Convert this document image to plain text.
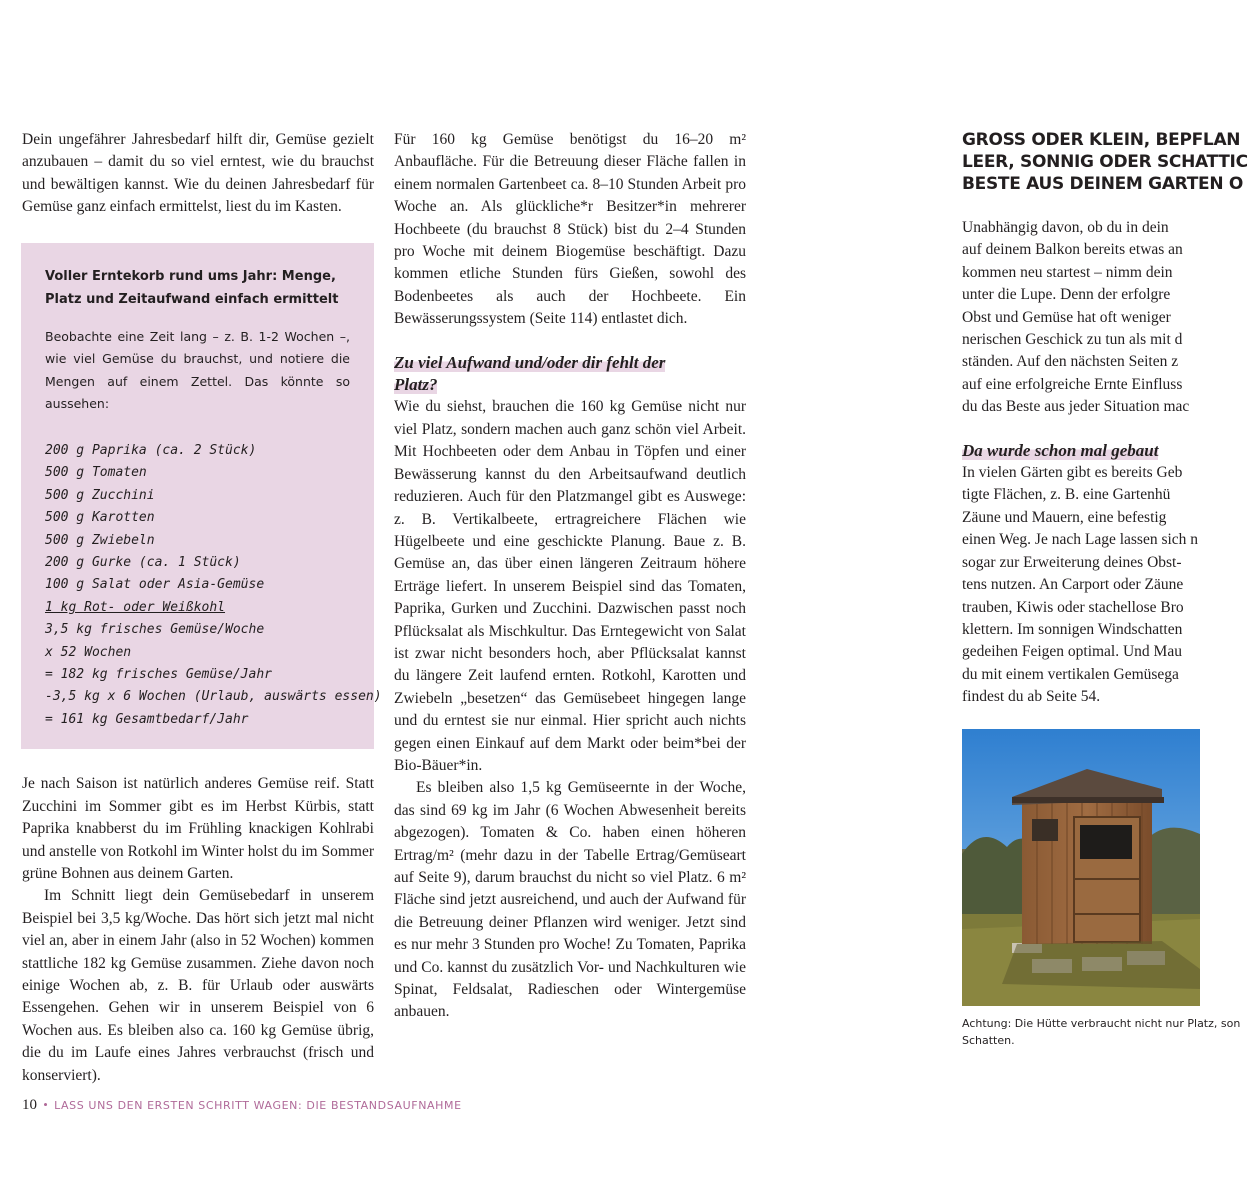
Dein ungefährer Jahresbedarf hilft dir, Gemüse gezielt anzubauen – damit du so viel erntest, wie du brauchst und bewältigen kannst. Wie du deinen Jahresbedarf für Gemüse ganz einfach ermittelst, liest du im Kasten.

Voller Erntekorb rund ums Jahr: Menge, Platz und Zeitaufwand einfach ermittelt

Beobachte eine Zeit lang – z. B. 1-2 Wochen –, wie viel Gemüse du brauchst, und notiere die Mengen auf einem Zettel. Das könnte so aussehen:

200 g Paprika (ca. 2 Stück)

500 g Tomaten

500 g Zucchini

500 g Karotten

500 g Zwiebeln

200 g Gurke (ca. 1 Stück)

100 g Salat oder Asia-Gemüse

1 kg Rot- oder Weißkohl

3,5 kg frisches Gemüse/Woche

x 52 Wochen

= 182 kg frisches Gemüse/Jahr

-3,5 kg x 6 Wochen (Urlaub, auswärts essen)

= 161 kg Gesamtbedarf/Jahr

Je nach Saison ist natürlich anderes Gemüse reif. Statt Zucchini im Sommer gibt es im Herbst Kürbis, statt Paprika knabberst du im Frühling knackigen Kohlrabi und anstelle von Rotkohl im Winter holst du im Sommer grüne Bohnen aus deinem Garten.

Im Schnitt liegt dein Gemüsebedarf in unserem Beispiel bei 3,5 kg/Woche. Das hört sich jetzt mal nicht viel an, aber in einem Jahr (also in 52 Wochen) kommen stattliche 182 kg Gemüse zusammen. Ziehe davon noch einige Wochen ab, z. B. für Urlaub oder auswärts Essengehen. Gehen wir in unserem Beispiel von 6 Wochen aus. Es bleiben also ca. 160 kg Gemüse übrig, die du im Laufe eines Jahres verbrauchst (frisch und konserviert).

Für 160 kg Gemüse benötigst du 16–20 m² Anbaufläche. Für die Betreuung dieser Fläche fallen in einem normalen Gartenbeet ca. 8–10 Stunden Arbeit pro Woche an. Als glückliche*r Besitzer*in mehrerer Hochbeete (du brauchst 8 Stück) bist du 2–4 Stunden pro Woche mit deinem Biogemüse beschäftigt. Dazu kommen etliche Stunden fürs Gießen, sowohl des Bodenbeetes als auch der Hochbeete. Ein Bewässerungssystem (Seite 114) entlastet dich.

Zu viel Aufwand und/oder dir fehlt der

Platz?

Wie du siehst, brauchen die 160 kg Gemüse nicht nur viel Platz, sondern machen auch ganz schön viel Arbeit. Mit Hochbeeten oder dem Anbau in Töpfen und einer Bewässerung kannst du den Arbeitsaufwand deutlich reduzieren. Auch für den Platzmangel gibt es Auswege: z. B. Vertikalbeete, ertragreichere Flächen wie Hügelbeete und eine geschickte Planung. Baue z. B. Gemüse an, das über einen längeren Zeitraum höhere Erträge liefert. In unserem Beispiel sind das Tomaten, Paprika, Gurken und Zucchini. Dazwischen passt noch Pflücksalat als Mischkultur. Das Erntegewicht von Salat ist zwar nicht besonders hoch, aber Pflücksalat kannst du längere Zeit laufend ernten. Rotkohl, Karotten und Zwiebeln „besetzen“ das Gemüsebeet hingegen lange und du erntest sie nur einmal. Hier spricht auch nichts gegen einen Einkauf auf dem Markt oder beim*bei der Bio-Bäuer*in.

Es bleiben also 1,5 kg Gemüseernte in der Woche, das sind 69 kg im Jahr (6 Wochen Abwesenheit bereits abgezogen). Tomaten & Co. haben einen höheren Ertrag/m² (mehr dazu in der Tabelle Ertrag/Gemüseart auf Seite 9), darum brauchst du nicht so viel Platz. 6 m² Fläche sind jetzt ausreichend, und auch der Aufwand für die Betreuung deiner Pflanzen wird weniger. Jetzt sind es nur mehr 3 Stunden pro Woche! Zu Tomaten, Paprika und Co. kannst du zusätzlich Vor- und Nachkulturen wie Spinat, Feldsalat, Radieschen oder Wintergemüse anbauen.

GROSS ODER KLEIN, BEPFLAN
LEER, SONNIG ODER SCHATTIC
BESTE AUS DEINEM GARTEN O
Unabhängig davon, ob du in dein
auf deinem Balkon bereits etwas an
kommen neu startest – nimm dein
unter die Lupe. Denn der erfolgre
Obst und Gemüse hat oft weniger
nerischen Geschick zu tun als mit d
ständen. Auf den nächsten Seiten z
auf eine erfolgreiche Ernte Einfluss
du das Beste aus jeder Situation mac

Da wurde schon mal gebaut

In vielen Gärten gibt es bereits Geb
tigte Flächen, z. B. eine Gartenhü
Zäune und Mauern, eine befestig
einen Weg. Je nach Lage lassen sich n
sogar zur Erweiterung deines Obst-
tens nutzen. An Carport oder Zäune
trauben, Kiwis oder stachellose Bro
klettern. Im sonnigen Windschatten
gedeihen Feigen optimal. Und Mau
du mit einem vertikalen Gemüsega
findest du ab Seite 54.
Achtung: Die Hütte verbraucht nicht nur Platz, son
Schatten.
10 • LASS UNS DEN ERSTEN SCHRITT WAGEN: DIE BESTANDSAUFNAHME
